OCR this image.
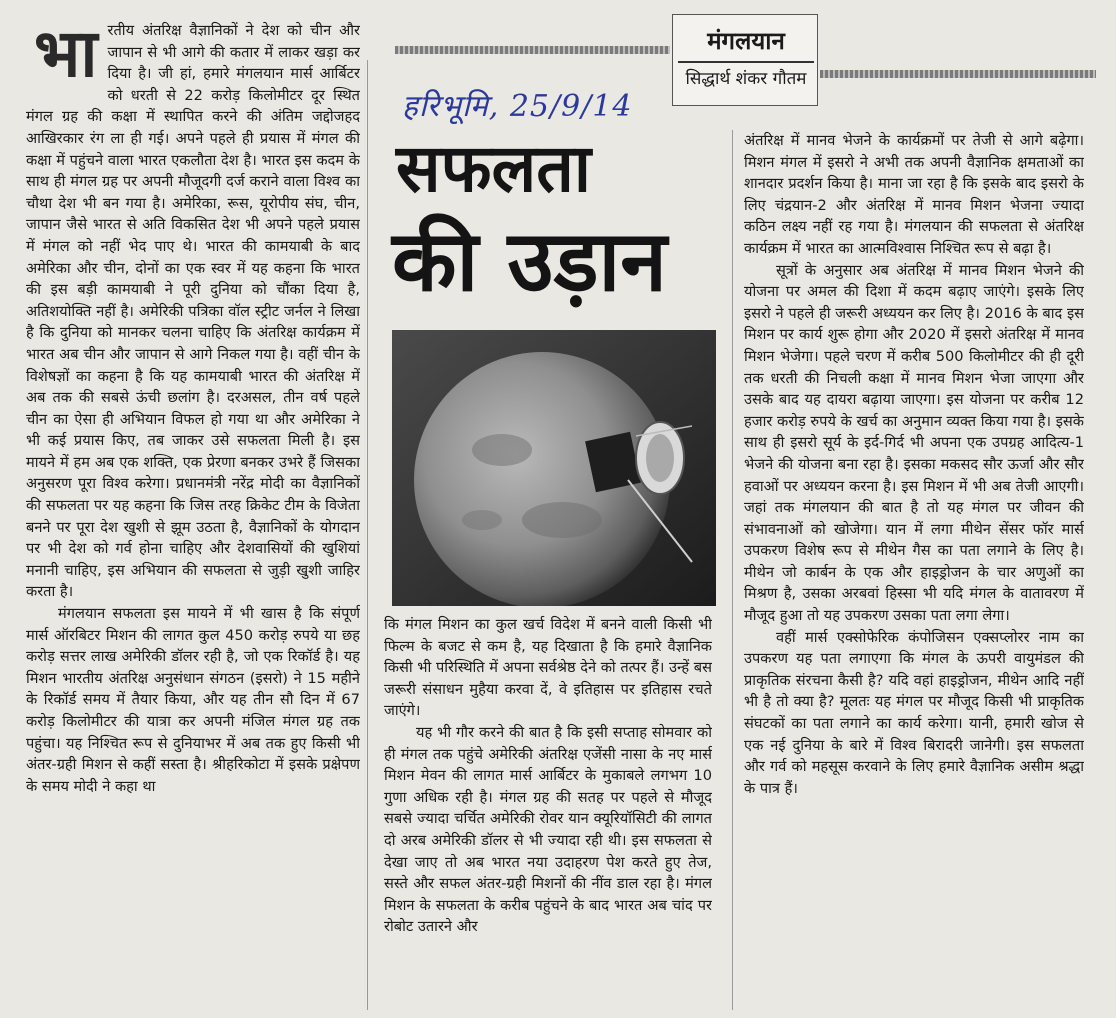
भा रतीय अंतरिक्ष वैज्ञानिकों ने देश को चीन और जापान से भी आगे की कतार में लाकर खड़ा कर दिया है। जी हां, हमारे मंगलयान मार्स आर्बिटर को धरती से 22 करोड़ किलोमीटर दूर स्थित मंगल ग्रह की कक्षा में स्थापित करने की अंतिम जद्दोजहद आखिरकार रंग ला ही गई। अपने पहले ही प्रयास में मंगल की कक्षा में पहुंचने वाला भारत एकलौता देश है। भारत इस कदम के साथ ही मंगल ग्रह पर अपनी मौजूदगी दर्ज कराने वाला विश्व का चौथा देश भी बन गया है। अमेरिका, रूस, यूरोपीय संघ, चीन, जापान जैसे भारत से अति विकसित देश भी अपने पहले प्रयास में मंगल को नहीं भेद पाए थे। भारत की कामयाबी के बाद अमेरिका और चीन, दोनों का एक स्वर में यह कहना कि भारत की इस बड़ी कामयाबी ने पूरी दुनिया को चौंका दिया है, अतिशयोक्ति नहीं है। अमेरिकी पत्रिका वॉल स्ट्रीट जर्नल ने लिखा है कि दुनिया को मानकर चलना चाहिए कि अंतरिक्ष कार्यक्रम में भारत अब चीन और जापान से आगे निकल गया है। वहीं चीन के विशेषज्ञों का कहना है कि यह कामयाबी भारत की अंतरिक्ष में अब तक की सबसे ऊंची छलांग है। दरअसल, तीन वर्ष पहले चीन का ऐसा ही अभियान विफल हो गया था और अमेरिका ने भी कई प्रयास किए, तब जाकर उसे सफलता मिली है। इस मायने में हम अब एक शक्ति, एक प्रेरणा बनकर उभरे हैं जिसका अनुसरण पूरा विश्व करेगा। प्रधानमंत्री नरेंद्र मोदी का वैज्ञानिकों की सफलता पर यह कहना कि जिस तरह क्रिकेट टीम के विजेता बनने पर पूरा देश खुशी से झूम उठता है, वैज्ञानिकों के योगदान पर भी देश को गर्व होना चाहिए और देशवासियों की खुशियां मनानी चाहिए, इस अभियान की सफलता से जुड़ी खुशी जाहिर करता है।

मंगलयान सफलता इस मायने में भी खास है कि संपूर्ण मार्स ऑरबिटर मिशन की लागत कुल 450 करोड़ रुपये या छह करोड़ सत्तर लाख अमेरिकी डॉलर रही है, जो एक रिकॉर्ड है। यह मिशन भारतीय अंतरिक्ष अनुसंधान संगठन (इसरो) ने 15 महीने के रिकॉर्ड समय में तैयार किया, और यह तीन सौ दिन में 67 करोड़ किलोमीटर की यात्रा कर अपनी मंजिल मंगल ग्रह तक पहुंचा। यह निश्चित रूप से दुनियाभर में अब तक हुए किसी भी अंतर-ग्रही मिशन से कहीं सस्ता है। श्रीहरिकोटा में इसके प्रक्षेपण के समय मोदी ने कहा था

मंगलयान
सिद्धार्थ शंकर गौतम
हरिभूमि, 25/9/14
सफलता
की उड़ान

कि मंगल मिशन का कुल खर्च विदेश में बनने वाली किसी भी फिल्म के बजट से कम है, यह दिखाता है कि हमारे वैज्ञानिक किसी भी परिस्थिति में अपना सर्वश्रेष्ठ देने को तत्पर हैं। उन्हें बस जरूरी संसाधन मुहैया करवा दें, वे इतिहास पर इतिहास रचते जाएंगे।

यह भी गौर करने की बात है कि इसी सप्ताह सोमवार को ही मंगल तक पहुंचे अमेरिकी अंतरिक्ष एजेंसी नासा के नए मार्स मिशन मेवन की लागत मार्स आर्बिटर के मुकाबले लगभग 10 गुणा अधिक रही है। मंगल ग्रह की सतह पर पहले से मौजूद सबसे ज्यादा चर्चित अमेरिकी रोवर यान क्यूरियॉसिटी की लागत दो अरब अमेरिकी डॉलर से भी ज्यादा रही थी। इस सफलता से देखा जाए तो अब भारत नया उदाहरण पेश करते हुए तेज, सस्ते और सफल अंतर-ग्रही मिशनों की नींव डाल रहा है। मंगल मिशन के सफलता के करीब पहुंचने के बाद भारत अब चांद पर रोबोट उतारने और

अंतरिक्ष में मानव भेजने के कार्यक्रमों पर तेजी से आगे बढ़ेगा। मिशन मंगल में इसरो ने अभी तक अपनी वैज्ञानिक क्षमताओं का शानदार प्रदर्शन किया है। माना जा रहा है कि इसके बाद इसरो के लिए चंद्रयान-2 और अंतरिक्ष में मानव मिशन भेजना ज्यादा कठिन लक्ष्य नहीं रह गया है। मंगलयान की सफलता से अंतरिक्ष कार्यक्रम में भारत का आत्मविश्वास निश्चित रूप से बढ़ा है।

सूत्रों के अनुसार अब अंतरिक्ष में मानव मिशन भेजने की योजना पर अमल की दिशा में कदम बढ़ाए जाएंगे। इसके लिए इसरो ने पहले ही जरूरी अध्ययन कर लिए है। 2016 के बाद इस मिशन पर कार्य शुरू होगा और 2020 में इसरो अंतरिक्ष में मानव मिशन भेजेगा। पहले चरण में करीब 500 किलोमीटर की ही दूरी तक धरती की निचली कक्षा में मानव मिशन भेजा जाएगा और उसके बाद यह दायरा बढ़ाया जाएगा। इस योजना पर करीब 12 हजार करोड़ रुपये के खर्च का अनुमान व्यक्त किया गया है। इसके साथ ही इसरो सूर्य के इर्द-गिर्द भी अपना एक उपग्रह आदित्य-1 भेजने की योजना बना रहा है। इसका मकसद सौर ऊर्जा और सौर हवाओं पर अध्ययन करना है। इस मिशन में भी अब तेजी आएगी। जहां तक मंगलयान की बात है तो यह मंगल पर जीवन की संभावनाओं को खोजेगा। यान में लगा मीथेन सेंसर फॉर मार्स उपकरण विशेष रूप से मीथेन गैस का पता लगाने के लिए है। मीथेन जो कार्बन के एक और हाइड्रोजन के चार अणुओं का मिश्रण है, उसका अरबवां हिस्सा भी यदि मंगल के वातावरण में मौजूद हुआ तो यह उपकरण उसका पता लगा लेगा।

वहीं मार्स एक्सोफेरिक कंपोजिसन एक्सप्लोरर नाम का उपकरण यह पता लगाएगा कि मंगल के ऊपरी वायुमंडल की प्राकृतिक संरचना कैसी है? यदि वहां हाइड्रोजन, मीथेन आदि नहीं भी है तो क्या है? मूलतः यह मंगल पर मौजूद किसी भी प्राकृतिक संघटकों का पता लगाने का कार्य करेगा। यानी, हमारी खोज से एक नई दुनिया के बारे में विश्व बिरादरी जानेगी। इस सफलता और गर्व को महसूस करवाने के लिए हमारे वैज्ञानिक असीम श्रद्धा के पात्र हैं।
